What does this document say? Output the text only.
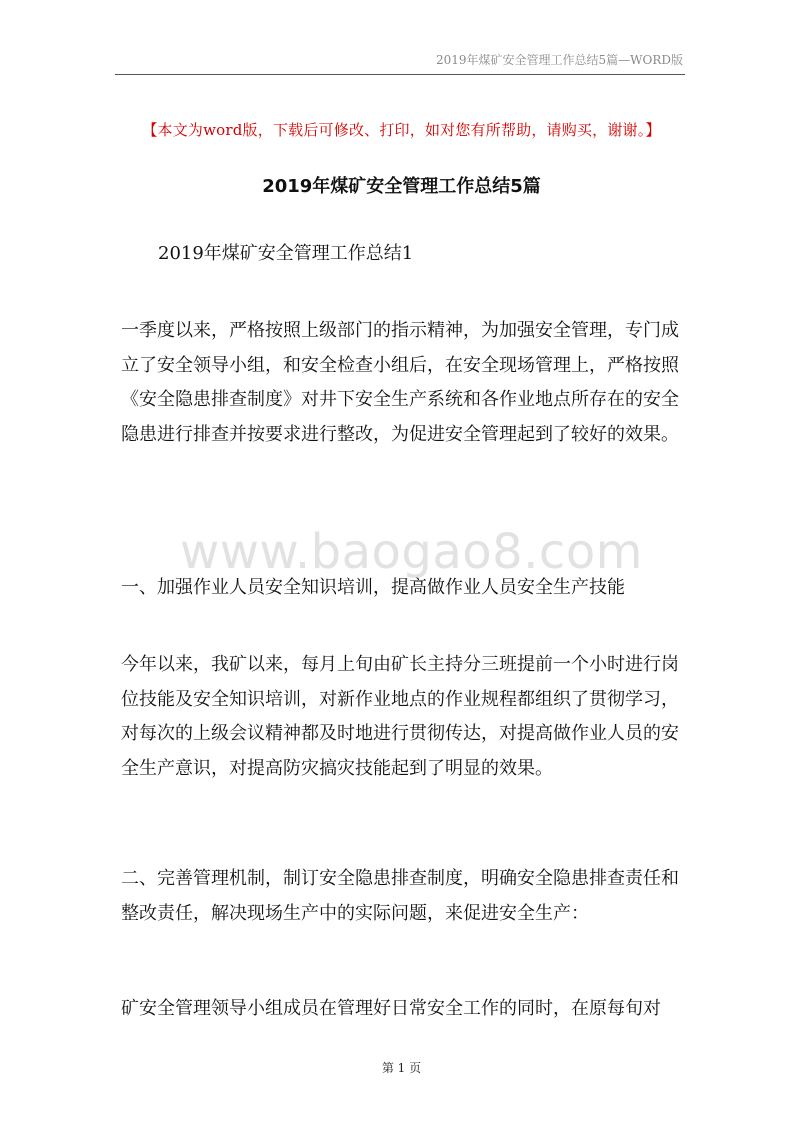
2019年煤矿安全管理工作总结5篇—WORD版
【本文为word版，下载后可修改、打印，如对您有所帮助，请购买，谢谢。】
2019年煤矿安全管理工作总结5篇
2019年煤矿安全管理工作总结1

一季度以来，严格按照上级部门的指示精神，为加强安全管理，专门成立了安全领导小组，和安全检查小组后，在安全现场管理上，严格按照《安全隐患排查制度》对井下安全生产系统和各作业地点所存在的安全隐患进行排查并按要求进行整改，为促进安全管理起到了较好的效果。

www.baogao8.com

一、加强作业人员安全知识培训，提高做作业人员安全生产技能

今年以来，我矿以来，每月上旬由矿长主持分三班提前一个小时进行岗位技能及安全知识培训，对新作业地点的作业规程都组织了贯彻学习，对每次的上级会议精神都及时地进行贯彻传达，对提高做作业人员的安全生产意识，对提高防灾搞灾技能起到了明显的效果。

二、完善管理机制，制订安全隐患排查制度，明确安全隐患排查责任和整改责任，解决现场生产中的实际问题，来促进安全生产：

矿安全管理领导小组成员在管理好日常安全工作的同时，在原每旬对

第 1 页
